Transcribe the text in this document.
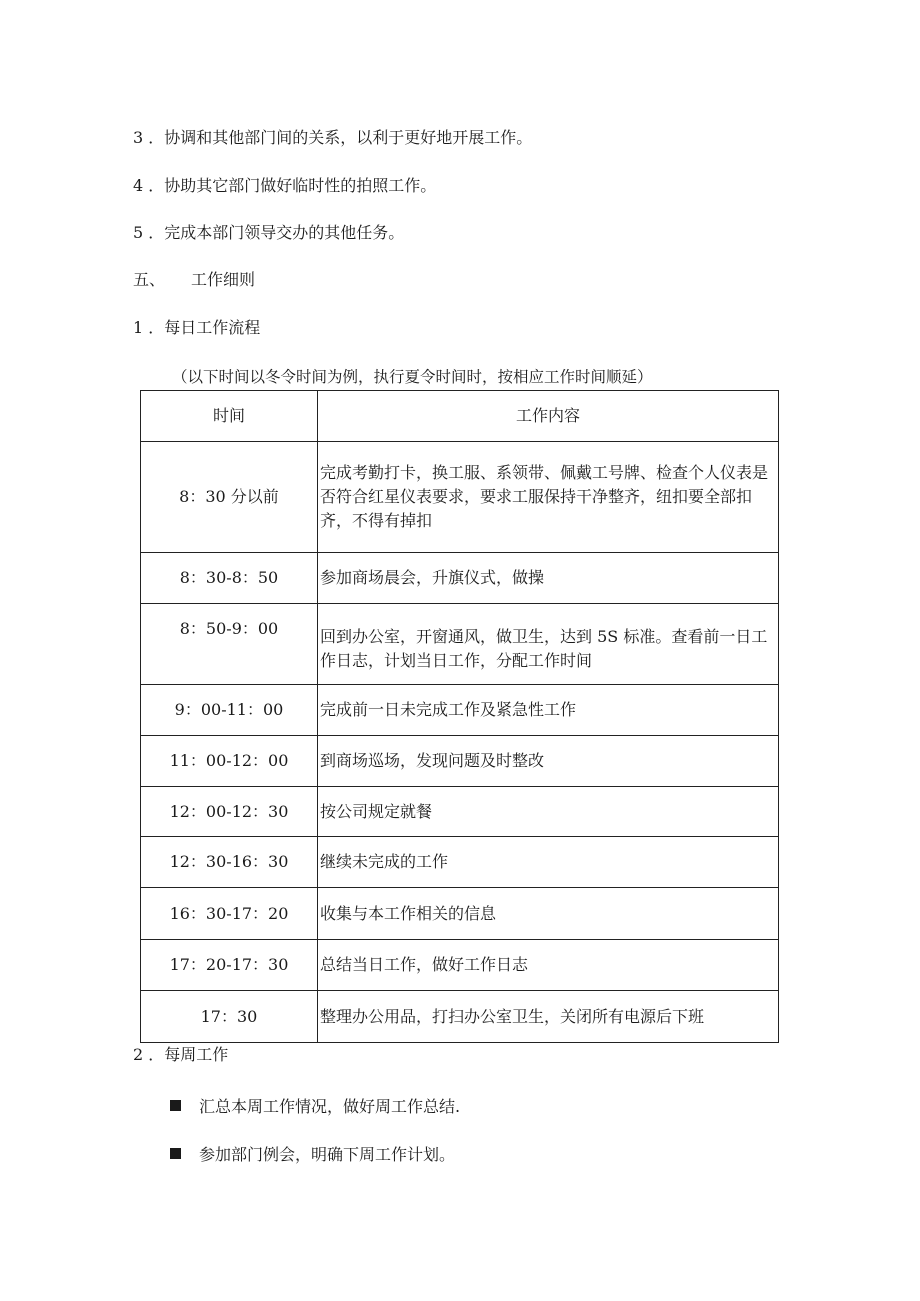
3 ．协调和其他部门间的关系，以利于更好地开展工作。
4 ．协助其它部门做好临时性的拍照工作。
5 ．完成本部门领导交办的其他任务。
五、 工作细则
1 ．每日工作流程
（以下时间以冬令时间为例，执行夏令时间时，按相应工作时间顺延）
时间	工作内容
8：30 分以前	完成考勤打卡，换工服、系领带、佩戴工号牌、检查个人仪表是否符合红星仪表要求，要求工服保持干净整齐，纽扣要全部扣齐，不得有掉扣
8：30-8：50	参加商场晨会，升旗仪式，做操
8：50-9：00	回到办公室，开窗通风，做卫生，达到 5S 标准。查看前一日工作日志，计划当日工作，分配工作时间
9：00-11：00	完成前一日未完成工作及紧急性工作
11：00-12：00	到商场巡场，发现问题及时整改
12：00-12：30	按公司规定就餐
12：30-16：30	继续未完成的工作
16：30-17：20	收集与本工作相关的信息
17：20-17：30	总结当日工作，做好工作日志
17：30	整理办公用品，打扫办公室卫生，关闭所有电源后下班
2 ．每周工作
汇总本周工作情况，做好周工作总结.
参加部门例会，明确下周工作计划。
